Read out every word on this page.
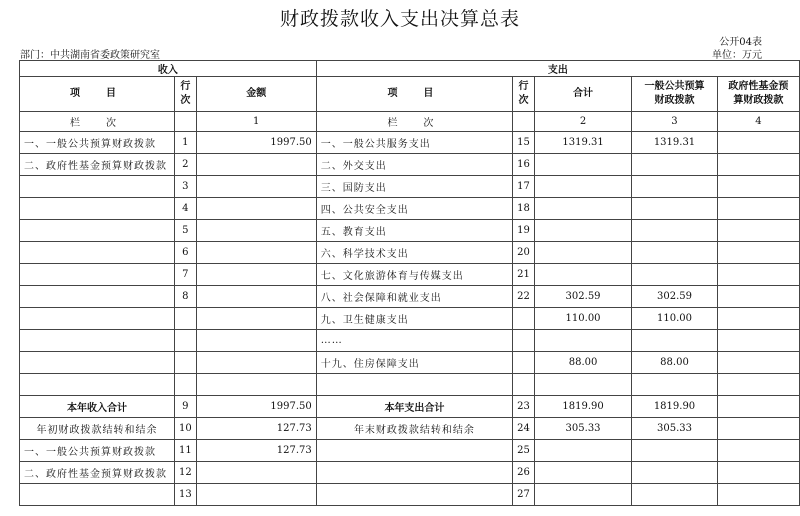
财政拨款收入支出决算总表
公开04表
部门：中共湖南省委政策研究室	单位：万元
收入			支出				
项　目	行次	金额	项　目	行次	合计	一般公共预算财政拨款	政府性基金预算财政拨款
栏　次		1	栏　次		2	3	4
一、一般公共预算财政拨款	1	1997.50	一、一般公共服务支出	15	1319.31	1319.31	
二、政府性基金预算财政拨款	2		二、外交支出	16			
	3		三、国防支出	17			
	4		四、公共安全支出	18			
	5		五、教育支出	19			
	6		六、科学技术支出	20			
	7		七、文化旅游体育与传媒支出	21			
	8		八、社会保障和就业支出	22	302.59	302.59	
			九、卫生健康支出		110.00	110.00	
			……				
			十九、住房保障支出		88.00	88.00	

本年收入合计	9	1997.50	本年支出合计	23	1819.90	1819.90	
年初财政拨款结转和结余	10	127.73	年末财政拨款结转和结余	24	305.33	305.33	
一、一般公共预算财政拨款	11	127.73		25			
二、政府性基金预算财政拨款	12			26			
	13			27			
